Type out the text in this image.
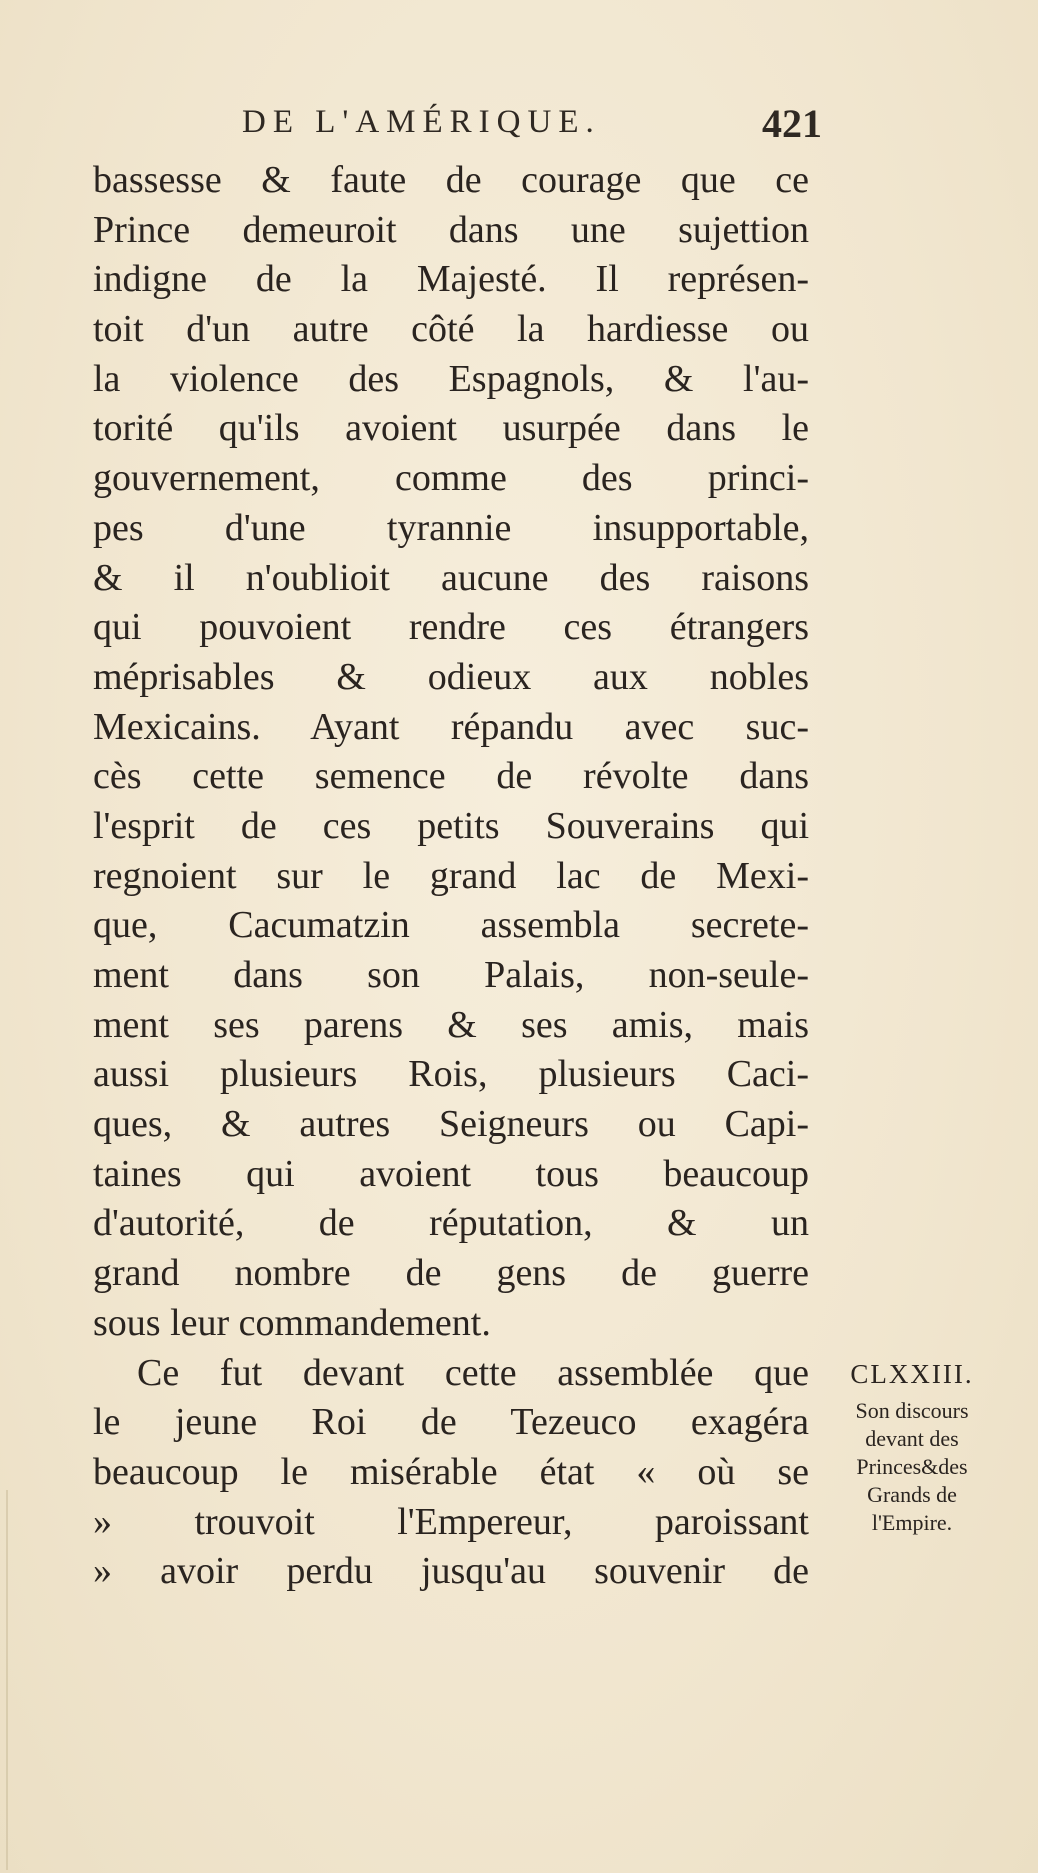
DE L'AMÉRIQUE.	421
bassesse & faute de courage que ce
Prince demeuroit dans une sujettion
indigne de la Majesté. Il représen-
toit d'un autre côté la hardiesse ou
la violence des Espagnols, & l'au-
torité qu'ils avoient usurpée dans le
gouvernement, comme des princi-
pes d'une tyrannie insupportable,
& il n'oublioit aucune des raisons
qui pouvoient rendre ces étrangers
méprisables & odieux aux nobles
Mexicains. Ayant répandu avec suc-
cès cette semence de révolte dans
l'esprit de ces petits Souverains qui
regnoient sur le grand lac de Mexi-
que, Cacumatzin assembla secrete-
ment dans son Palais, non-seule-
ment ses parens & ses amis, mais
aussi plusieurs Rois, plusieurs Caci-
ques, & autres Seigneurs ou Capi-
taines qui avoient tous beaucoup
d'autorité, de réputation, & un
grand nombre de gens de guerre
sous leur commandement.
Ce fut devant cette assemblée que
le jeune Roi de Tezeuco exagéra
beaucoup le misérable état « où se
» trouvoit l'Empereur, paroissant
» avoir perdu jusqu'au souvenir de
CLXXIII.
Son discours
devant des
Princes&des
Grands de
l'Empire.
